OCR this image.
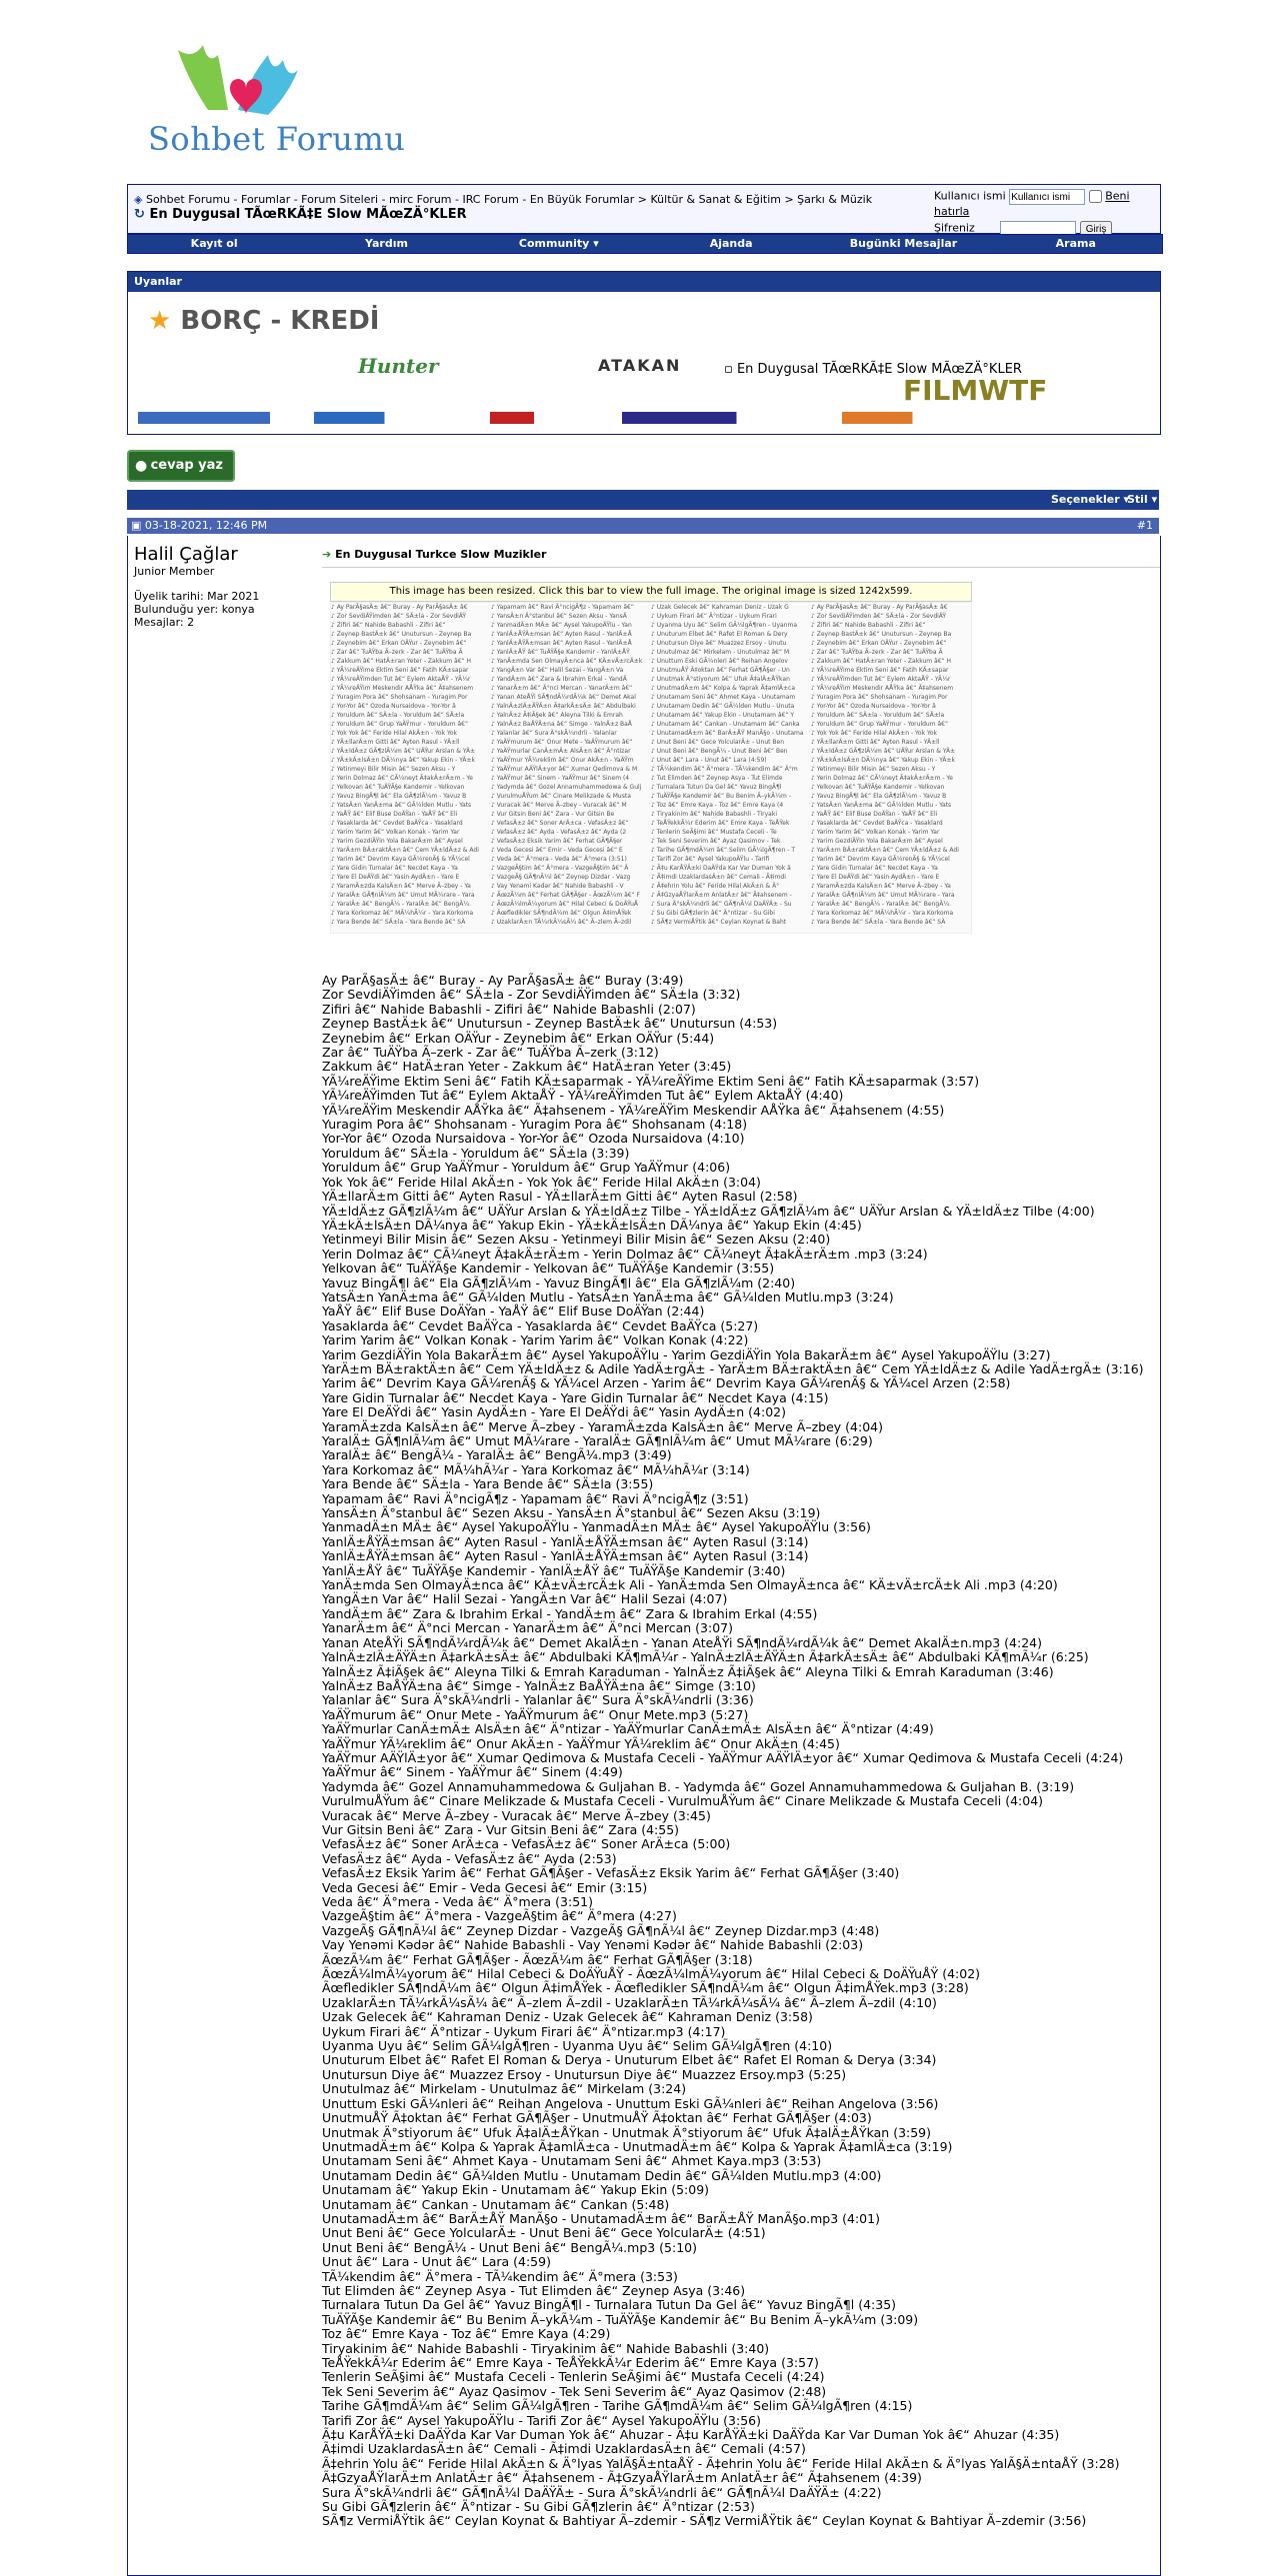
Sohbet Forumu
◈ Sohbet Forumu - Forumlar - Forum Siteleri - mirc Forum - IRC Forum - En Büyük Forumlar > Kültür & Sanat & Eğitim > Şarkı & Müzik
↻ En Duygusal TÃœRKÃ‡E Slow MÃœZÄ°KLER
Kullanıcı ismi Kullanıcı ismi	Beni hatırla
Şifreniz	Giriş
Kayıt ol	Yardım	Community ▾	Ajanda	Bugünki Mesajlar	Arama
Uyanlar
★ BORÇ - KREDİ
Hunter	ATAKAN	▫ En Duygusal TÃœRKÃ‡E Slow MÃœZÄ°KLER
FILMWTF
● cevap yaz
Seçenekler ▾
Stil ▾
▣ 03-18-2021, 12:46 PM	#1
Halil Çağlar
Junior Member
Üyelik tarihi: Mar 2021
Bulunduğu yer: konya
Mesajlar: 2
➔ En Duygusal Turkce Slow Muzikler
This image has been resized. Click this bar to view the full image. The original image is sized 1242x599.
♪ Ay ParÃ§asÄ± â€“ Buray - Ay ParÃ§asÄ± â€
♪ Zor SevdiÄŸimden â€“ SÄ±la - Zor SevdiÄŸ
♪ Zifiri â€“ Nahide Babashli - Zifiri â€“
♪ Zeynep BastÄ±k â€“ Unutursun - Zeynep Ba
♪ Zeynebim â€“ Erkan OÄŸur - Zeynebim â€“
♪ Zar â€“ TuÄŸba Ã–zerk - Zar â€“ TuÄŸba Ã
♪ Zakkum â€“ HatÄ±ran Yeter - Zakkum â€“ H
♪ YÃ¼reÄŸime Ektim Seni â€“ Fatih KÄ±sapar
♪ YÃ¼reÄŸimden Tut â€“ Eylem AktaÅŸ - YÃ¼r
♪ YÃ¼reÄŸim Meskendir AÅŸka â€“ Ã‡ahsenem
♪ Yuragim Pora â€“ Shohsanam - Yuragim Por
♪ Yor-Yor â€“ Ozoda Nursaidova - Yor-Yor â
♪ Yoruldum â€“ SÄ±la - Yoruldum â€“ SÄ±la
♪ Yoruldum â€“ Grup YaÄŸmur - Yoruldum â€“
♪ Yok Yok â€“ Feride Hilal AkÄ±n - Yok Yok
♪ YÄ±llarÄ±m Gitti â€“ Ayten Rasul - YÄ±ll
♪ YÄ±ldÄ±z GÃ¶zlÃ¼m â€“ UÄŸur Arslan & YÄ±
♪ YÄ±kÄ±lsÄ±n DÃ¼nya â€“ Yakup Ekin - YÄ±k
♪ Yetinmeyi Bilir Misin â€“ Sezen Aksu - Y
♪ Yerin Dolmaz â€“ CÃ¼neyt Ã‡akÄ±rÄ±m - Ye
♪ Yelkovan â€“ TuÄŸÃ§e Kandemir - Yelkovan
♪ Yavuz BingÃ¶l â€“ Ela GÃ¶zlÃ¼m - Yavuz B
♪ YatsÄ±n YanÄ±ma â€“ GÃ¼lden Mutlu - Yats
♪ YaÅŸ â€“ Elif Buse DoÄŸan - YaÅŸ â€“ Eli
♪ Yasaklarda â€“ Cevdet BaÄŸca - Yasaklard
♪ Yarim Yarim â€“ Volkan Konak - Yarim Yar
♪ Yarim GezdiÄŸin Yola BakarÄ±m â€“ Aysel
♪ YarÄ±m BÄ±raktÄ±n â€“ Cem YÄ±ldÄ±z & Adi
♪ Yarim â€“ Devrim Kaya GÃ¼renÃ§ & YÃ¼cel
♪ Yare Gidin Turnalar â€“ Necdet Kaya - Ya
♪ Yare El DeÄŸdi â€“ Yasin AydÄ±n - Yare E
♪ YaramÄ±zda KalsÄ±n â€“ Merve Ã–zbey - Ya
♪ YaralÄ± GÃ¶nlÃ¼m â€“ Umut MÃ¼rare - Yara
♪ YaralÄ± â€“ BengÃ¼ - YaralÄ± â€“ BengÃ¼.
♪ Yara Korkomaz â€“ MÃ¼hÃ¼r - Yara Korkoma
♪ Yara Bende â€“ SÄ±la - Yara Bende â€“ SÄ
♪ Yapamam â€“ Ravi Ä°ncigÃ¶z - Yapamam â€“
♪ YansÄ±n Ä°stanbul â€“ Sezen Aksu - YansÄ
♪ YanmadÄ±n MÄ± â€“ Aysel YakupoÄŸlu - Yan
♪ YanlÄ±ÅŸÄ±msan â€“ Ayten Rasul - YanlÄ±Å
♪ YanlÄ±ÅŸÄ±msan â€“ Ayten Rasul - YanlÄ±Å
♪ YanlÄ±ÅŸ â€“ TuÄŸÃ§e Kandemir - YanlÄ±ÅŸ
♪ YanÄ±mda Sen OlmayÄ±nca â€“ KÄ±vÄ±rcÄ±k
♪ YangÄ±n Var â€“ Halil Sezai - YangÄ±n Va
♪ YandÄ±m â€“ Zara & Ibrahim Erkal - YandÄ
♪ YanarÄ±m â€“ Ä°nci Mercan - YanarÄ±m â€“
♪ Yanan AteÅŸi SÃ¶ndÃ¼rdÃ¼k â€“ Demet Akal
♪ YalnÄ±zlÄ±ÄŸÄ±n Ã‡arkÄ±sÄ± â€“ Abdulbaki
♪ YalnÄ±z Ã‡iÃ§ek â€“ Aleyna Tilki & Emrah
♪ YalnÄ±z BaÅŸÄ±na â€“ Simge - YalnÄ±z BaÅ
♪ Yalanlar â€“ Sura Ä°skÃ¼ndrli - Yalanlar
♪ YaÄŸmurum â€“ Onur Mete - YaÄŸmurum â€“
♪ YaÄŸmurlar CanÄ±mÄ± AlsÄ±n â€“ Ä°ntizar
♪ YaÄŸmur YÃ¼reklim â€“ Onur AkÄ±n - YaÄŸm
♪ YaÄŸmur AÄŸlÄ±yor â€“ Xumar Qedimova & M
♪ YaÄŸmur â€“ Sinem - YaÄŸmur â€“ Sinem (4
♪ Yadymda â€“ Gozel Annamuhammedowa & Gulj
♪ VurulmuÅŸum â€“ Cinare Melikzade & Musta
♪ Vuracak â€“ Merve Ã–zbey - Vuracak â€“ M
♪ Vur Gitsin Beni â€“ Zara - Vur Gitsin Be
♪ VefasÄ±z â€“ Soner ArÄ±ca - VefasÄ±z â€“
♪ VefasÄ±z â€“ Ayda - VefasÄ±z â€“ Ayda (2
♪ VefasÄ±z Eksik Yarim â€“ Ferhat GÃ¶Ã§er
♪ Veda Gecesi â€“ Emir - Veda Gecesi â€“ E
♪ Veda â€“ Ä°mera - Veda â€“ Ä°mera (3:51)
♪ VazgeÃ§tim â€“ Ä°mera - VazgeÃ§tim â€“ Ä
♪ VazgeÃ§ GÃ¶nÃ¼l â€“ Zeynep Dizdar - Vazg
♪ Vay Yenəmi Kədər â€“ Nahide Babashli - V
♪ ÃœzÃ¼m â€“ Ferhat GÃ¶Ã§er - ÃœzÃ¼m â€“ F
♪ ÃœzÃ¼lmÃ¼yorum â€“ Hilal Cebeci & DoÄŸuÅ
♪ Ãœfledikler SÃ¶ndÃ¼m â€“ Olgun Ã‡imÅŸek
♪ UzaklarÄ±n TÃ¼rkÃ¼sÃ¼ â€“ Ã–zlem Ã–zdil
♪ Uzak Gelecek â€“ Kahraman Deniz - Uzak G
♪ Uykum Firari â€“ Ä°ntizar - Uykum Firari
♪ Uyanma Uyu â€“ Selim GÃ¼lgÃ¶ren - Uyanma
♪ Unuturum Elbet â€“ Rafet El Roman & Dery
♪ Unutursun Diye â€“ Muazzez Ersoy - Unutu
♪ Unutulmaz â€“ Mirkelam - Unutulmaz â€“ M
♪ Unuttum Eski GÃ¼nleri â€“ Reihan Angelov
♪ UnutmuÅŸ Ã‡oktan â€“ Ferhat GÃ¶Ã§er - Un
♪ Unutmak Ä°stiyorum â€“ Ufuk Ã‡alÄ±ÅŸkan
♪ UnutmadÄ±m â€“ Kolpa & Yaprak Ã‡amlÄ±ca
♪ Unutamam Seni â€“ Ahmet Kaya - Unutamam
♪ Unutamam Dedin â€“ GÃ¼lden Mutlu - Unuta
♪ Unutamam â€“ Yakup Ekin - Unutamam â€“ Y
♪ Unutamam â€“ Cankan - Unutamam â€“ Canka
♪ UnutamadÄ±m â€“ BarÄ±ÅŸ ManÃ§o - Unutama
♪ Unut Beni â€“ Gece YolcularÄ± - Unut Ben
♪ Unut Beni â€“ BengÃ¼ - Unut Beni â€“ Ben
♪ Unut â€“ Lara - Unut â€“ Lara (4:59)
♪ TÃ¼kendim â€“ Ä°mera - TÃ¼kendim â€“ Ä°m
♪ Tut Elimden â€“ Zeynep Asya - Tut Elimde
♪ Turnalara Tutun Da Gel â€“ Yavuz BingÃ¶l
♪ TuÄŸÃ§e Kandemir â€“ Bu Benim Ã–ykÃ¼m -
♪ Toz â€“ Emre Kaya - Toz â€“ Emre Kaya (4
♪ Tiryakinim â€“ Nahide Babashli - Tiryaki
♪ TeÅŸekkÃ¼r Ederim â€“ Emre Kaya - TeÅŸek
♪ Tenlerin SeÃ§imi â€“ Mustafa Ceceli - Te
♪ Tek Seni Severim â€“ Ayaz Qasimov - Tek
♪ Tarihe GÃ¶mdÃ¼m â€“ Selim GÃ¼lgÃ¶ren - T
♪ Tarifi Zor â€“ Aysel YakupoÄŸlu - Tarifi
♪ Ã‡u KarÅŸÄ±ki DaÄŸda Kar Var Duman Yok â
♪ Ã‡imdi UzaklardasÄ±n â€“ Cemali - Ã‡imdi
♪ Ã‡ehrin Yolu â€“ Feride Hilal AkÄ±n & Ä°
♪ Ã‡GzyaÅŸlarÄ±m AnlatÄ±r â€“ Ã‡ahsenem -
♪ Sura Ä°skÃ¼ndrli â€“ GÃ¶nÃ¼l DaÄŸÄ± - Su
♪ Su Gibi GÃ¶zlerin â€“ Ä°ntizar - Su Gibi
♪ SÃ¶z VermiÅŸtik â€“ Ceylan Koynat & Baht
♪ Ay ParÃ§asÄ± â€“ Buray - Ay ParÃ§asÄ± â€
♪ Zor SevdiÄŸimden â€“ SÄ±la - Zor SevdiÄŸ
♪ Zifiri â€“ Nahide Babashli - Zifiri â€“
♪ Zeynep BastÄ±k â€“ Unutursun - Zeynep Ba
♪ Zeynebim â€“ Erkan OÄŸur - Zeynebim â€“
♪ Zar â€“ TuÄŸba Ã–zerk - Zar â€“ TuÄŸba Ã
♪ Zakkum â€“ HatÄ±ran Yeter - Zakkum â€“ H
♪ YÃ¼reÄŸime Ektim Seni â€“ Fatih KÄ±sapar
♪ YÃ¼reÄŸimden Tut â€“ Eylem AktaÅŸ - YÃ¼r
♪ YÃ¼reÄŸim Meskendir AÅŸka â€“ Ã‡ahsenem
♪ Yuragim Pora â€“ Shohsanam - Yuragim Por
♪ Yor-Yor â€“ Ozoda Nursaidova - Yor-Yor â
♪ Yoruldum â€“ SÄ±la - Yoruldum â€“ SÄ±la
♪ Yoruldum â€“ Grup YaÄŸmur - Yoruldum â€“
♪ Yok Yok â€“ Feride Hilal AkÄ±n - Yok Yok
♪ YÄ±llarÄ±m Gitti â€“ Ayten Rasul - YÄ±ll
♪ YÄ±ldÄ±z GÃ¶zlÃ¼m â€“ UÄŸur Arslan & YÄ±
♪ YÄ±kÄ±lsÄ±n DÃ¼nya â€“ Yakup Ekin - YÄ±k
♪ Yetinmeyi Bilir Misin â€“ Sezen Aksu - Y
♪ Yerin Dolmaz â€“ CÃ¼neyt Ã‡akÄ±rÄ±m - Ye
♪ Yelkovan â€“ TuÄŸÃ§e Kandemir - Yelkovan
♪ Yavuz BingÃ¶l â€“ Ela GÃ¶zlÃ¼m - Yavuz B
♪ YatsÄ±n YanÄ±ma â€“ GÃ¼lden Mutlu - Yats
♪ YaÅŸ â€“ Elif Buse DoÄŸan - YaÅŸ â€“ Eli
♪ Yasaklarda â€“ Cevdet BaÄŸca - Yasaklard
♪ Yarim Yarim â€“ Volkan Konak - Yarim Yar
♪ Yarim GezdiÄŸin Yola BakarÄ±m â€“ Aysel
♪ YarÄ±m BÄ±raktÄ±n â€“ Cem YÄ±ldÄ±z & Adi
♪ Yarim â€“ Devrim Kaya GÃ¼renÃ§ & YÃ¼cel
♪ Yare Gidin Turnalar â€“ Necdet Kaya - Ya
♪ Yare El DeÄŸdi â€“ Yasin AydÄ±n - Yare E
♪ YaramÄ±zda KalsÄ±n â€“ Merve Ã–zbey - Ya
♪ YaralÄ± GÃ¶nlÃ¼m â€“ Umut MÃ¼rare - Yara
♪ YaralÄ± â€“ BengÃ¼ - YaralÄ± â€“ BengÃ¼.
♪ Yara Korkomaz â€“ MÃ¼hÃ¼r - Yara Korkoma
♪ Yara Bende â€“ SÄ±la - Yara Bende â€“ SÄ
Ay ParÃ§asÄ± â€“ Buray - Ay ParÃ§asÄ± â€“ Buray (3:49)
Zor SevdiÄŸimden â€“ SÄ±la - Zor SevdiÄŸimden â€“ SÄ±la (3:32)
Zifiri â€“ Nahide Babashli - Zifiri â€“ Nahide Babashli (2:07)
Zeynep BastÄ±k â€“ Unutursun - Zeynep BastÄ±k â€“ Unutursun (4:53)
Zeynebim â€“ Erkan OÄŸur - Zeynebim â€“ Erkan OÄŸur (5:44)
Zar â€“ TuÄŸba Ã–zerk - Zar â€“ TuÄŸba Ã–zerk (3:12)
Zakkum â€“ HatÄ±ran Yeter - Zakkum â€“ HatÄ±ran Yeter (3:45)
YÃ¼reÄŸime Ektim Seni â€“ Fatih KÄ±saparmak - YÃ¼reÄŸime Ektim Seni â€“ Fatih KÄ±saparmak (3:57)
YÃ¼reÄŸimden Tut â€“ Eylem AktaÅŸ - YÃ¼reÄŸimden Tut â€“ Eylem AktaÅŸ (4:40)
YÃ¼reÄŸim Meskendir AÅŸka â€“ Ã‡ahsenem - YÃ¼reÄŸim Meskendir AÅŸka â€“ Ã‡ahsenem (4:55)
Yuragim Pora â€“ Shohsanam - Yuragim Pora â€“ Shohsanam (4:18)
Yor-Yor â€“ Ozoda Nursaidova - Yor-Yor â€“ Ozoda Nursaidova (4:10)
Yoruldum â€“ SÄ±la - Yoruldum â€“ SÄ±la (3:39)
Yoruldum â€“ Grup YaÄŸmur - Yoruldum â€“ Grup YaÄŸmur (4:06)
Yok Yok â€“ Feride Hilal AkÄ±n - Yok Yok â€“ Feride Hilal AkÄ±n (3:04)
YÄ±llarÄ±m Gitti â€“ Ayten Rasul - YÄ±llarÄ±m Gitti â€“ Ayten Rasul (2:58)
YÄ±ldÄ±z GÃ¶zlÃ¼m â€“ UÄŸur Arslan & YÄ±ldÄ±z Tilbe - YÄ±ldÄ±z GÃ¶zlÃ¼m â€“ UÄŸur Arslan & YÄ±ldÄ±z Tilbe (4:00)
YÄ±kÄ±lsÄ±n DÃ¼nya â€“ Yakup Ekin - YÄ±kÄ±lsÄ±n DÃ¼nya â€“ Yakup Ekin (4:45)
Yetinmeyi Bilir Misin â€“ Sezen Aksu - Yetinmeyi Bilir Misin â€“ Sezen Aksu (2:40)
Yerin Dolmaz â€“ CÃ¼neyt Ã‡akÄ±rÄ±m - Yerin Dolmaz â€“ CÃ¼neyt Ã‡akÄ±rÄ±m .mp3 (3:24)
Yelkovan â€“ TuÄŸÃ§e Kandemir - Yelkovan â€“ TuÄŸÃ§e Kandemir (3:55)
Yavuz BingÃ¶l â€“ Ela GÃ¶zlÃ¼m - Yavuz BingÃ¶l â€“ Ela GÃ¶zlÃ¼m (2:40)
YatsÄ±n YanÄ±ma â€“ GÃ¼lden Mutlu - YatsÄ±n YanÄ±ma â€“ GÃ¼lden Mutlu.mp3 (3:24)
YaÅŸ â€“ Elif Buse DoÄŸan - YaÅŸ â€“ Elif Buse DoÄŸan (2:44)
Yasaklarda â€“ Cevdet BaÄŸca - Yasaklarda â€“ Cevdet BaÄŸca (5:27)
Yarim Yarim â€“ Volkan Konak - Yarim Yarim â€“ Volkan Konak (4:22)
Yarim GezdiÄŸin Yola BakarÄ±m â€“ Aysel YakupoÄŸlu - Yarim GezdiÄŸin Yola BakarÄ±m â€“ Aysel YakupoÄŸlu (3:27)
YarÄ±m BÄ±raktÄ±n â€“ Cem YÄ±ldÄ±z & Adile YadÄ±rgÄ± - YarÄ±m BÄ±raktÄ±n â€“ Cem YÄ±ldÄ±z & Adile YadÄ±rgÄ± (3:16)
Yarim â€“ Devrim Kaya GÃ¼renÃ§ & YÃ¼cel Arzen - Yarim â€“ Devrim Kaya GÃ¼renÃ§ & YÃ¼cel Arzen (2:58)
Yare Gidin Turnalar â€“ Necdet Kaya - Yare Gidin Turnalar â€“ Necdet Kaya (4:15)
Yare El DeÄŸdi â€“ Yasin AydÄ±n - Yare El DeÄŸdi â€“ Yasin AydÄ±n (4:02)
YaramÄ±zda KalsÄ±n â€“ Merve Ã–zbey - YaramÄ±zda KalsÄ±n â€“ Merve Ã–zbey (4:04)
YaralÄ± GÃ¶nlÃ¼m â€“ Umut MÃ¼rare - YaralÄ± GÃ¶nlÃ¼m â€“ Umut MÃ¼rare (6:29)
YaralÄ± â€“ BengÃ¼ - YaralÄ± â€“ BengÃ¼.mp3 (3:49)
Yara Korkomaz â€“ MÃ¼hÃ¼r - Yara Korkomaz â€“ MÃ¼hÃ¼r (3:14)
Yara Bende â€“ SÄ±la - Yara Bende â€“ SÄ±la (3:55)
Yapamam â€“ Ravi Ä°ncigÃ¶z - Yapamam â€“ Ravi Ä°ncigÃ¶z (3:51)
YansÄ±n Ä°stanbul â€“ Sezen Aksu - YansÄ±n Ä°stanbul â€“ Sezen Aksu (3:19)
YanmadÄ±n MÄ± â€“ Aysel YakupoÄŸlu - YanmadÄ±n MÄ± â€“ Aysel YakupoÄŸlu (3:56)
YanlÄ±ÅŸÄ±msan â€“ Ayten Rasul - YanlÄ±ÅŸÄ±msan â€“ Ayten Rasul (3:14)
YanlÄ±ÅŸÄ±msan â€“ Ayten Rasul - YanlÄ±ÅŸÄ±msan â€“ Ayten Rasul (3:14)
YanlÄ±ÅŸ â€“ TuÄŸÃ§e Kandemir - YanlÄ±ÅŸ â€“ TuÄŸÃ§e Kandemir (3:40)
YanÄ±mda Sen OlmayÄ±nca â€“ KÄ±vÄ±rcÄ±k Ali - YanÄ±mda Sen OlmayÄ±nca â€“ KÄ±vÄ±rcÄ±k Ali .mp3 (4:20)
YangÄ±n Var â€“ Halil Sezai - YangÄ±n Var â€“ Halil Sezai (4:07)
YandÄ±m â€“ Zara & Ibrahim Erkal - YandÄ±m â€“ Zara & Ibrahim Erkal (4:55)
YanarÄ±m â€“ Ä°nci Mercan - YanarÄ±m â€“ Ä°nci Mercan (3:07)
Yanan AteÅŸi SÃ¶ndÃ¼rdÃ¼k â€“ Demet AkalÄ±n - Yanan AteÅŸi SÃ¶ndÃ¼rdÃ¼k â€“ Demet AkalÄ±n.mp3 (4:24)
YalnÄ±zlÄ±ÄŸÄ±n Ã‡arkÄ±sÄ± â€“ Abdulbaki KÃ¶mÃ¼r - YalnÄ±zlÄ±ÄŸÄ±n Ã‡arkÄ±sÄ± â€“ Abdulbaki KÃ¶mÃ¼r (6:25)
YalnÄ±z Ã‡iÃ§ek â€“ Aleyna Tilki & Emrah Karaduman - YalnÄ±z Ã‡iÃ§ek â€“ Aleyna Tilki & Emrah Karaduman (3:46)
YalnÄ±z BaÅŸÄ±na â€“ Simge - YalnÄ±z BaÅŸÄ±na â€“ Simge (3:10)
Yalanlar â€“ Sura Ä°skÃ¼ndrli - Yalanlar â€“ Sura Ä°skÃ¼ndrli (3:36)
YaÄŸmurum â€“ Onur Mete - YaÄŸmurum â€“ Onur Mete.mp3 (5:27)
YaÄŸmurlar CanÄ±mÄ± AlsÄ±n â€“ Ä°ntizar - YaÄŸmurlar CanÄ±mÄ± AlsÄ±n â€“ Ä°ntizar (4:49)
YaÄŸmur YÃ¼reklim â€“ Onur AkÄ±n - YaÄŸmur YÃ¼reklim â€“ Onur AkÄ±n (4:45)
YaÄŸmur AÄŸlÄ±yor â€“ Xumar Qedimova & Mustafa Ceceli - YaÄŸmur AÄŸlÄ±yor â€“ Xumar Qedimova & Mustafa Ceceli (4:24)
YaÄŸmur â€“ Sinem - YaÄŸmur â€“ Sinem (4:49)
Yadymda â€“ Gozel Annamuhammedowa & Guljahan B. - Yadymda â€“ Gozel Annamuhammedowa & Guljahan B. (3:19)
VurulmuÅŸum â€“ Cinare Melikzade & Mustafa Ceceli - VurulmuÅŸum â€“ Cinare Melikzade & Mustafa Ceceli (4:04)
Vuracak â€“ Merve Ã–zbey - Vuracak â€“ Merve Ã–zbey (3:45)
Vur Gitsin Beni â€“ Zara - Vur Gitsin Beni â€“ Zara (4:55)
VefasÄ±z â€“ Soner ArÄ±ca - VefasÄ±z â€“ Soner ArÄ±ca (5:00)
VefasÄ±z â€“ Ayda - VefasÄ±z â€“ Ayda (2:53)
VefasÄ±z Eksik Yarim â€“ Ferhat GÃ¶Ã§er - VefasÄ±z Eksik Yarim â€“ Ferhat GÃ¶Ã§er (3:40)
Veda Gecesi â€“ Emir - Veda Gecesi â€“ Emir (3:15)
Veda â€“ Ä°mera - Veda â€“ Ä°mera (3:51)
VazgeÃ§tim â€“ Ä°mera - VazgeÃ§tim â€“ Ä°mera (4:27)
VazgeÃ§ GÃ¶nÃ¼l â€“ Zeynep Dizdar - VazgeÃ§ GÃ¶nÃ¼l â€“ Zeynep Dizdar.mp3 (4:48)
Vay Yenəmi Kədər â€“ Nahide Babashli - Vay Yenəmi Kədər â€“ Nahide Babashli (2:03)
ÃœzÃ¼m â€“ Ferhat GÃ¶Ã§er - ÃœzÃ¼m â€“ Ferhat GÃ¶Ã§er (3:18)
ÃœzÃ¼lmÃ¼yorum â€“ Hilal Cebeci & DoÄŸuÅŸ - ÃœzÃ¼lmÃ¼yorum â€“ Hilal Cebeci & DoÄŸuÅŸ (4:02)
Ãœfledikler SÃ¶ndÃ¼m â€“ Olgun Ã‡imÅŸek - Ãœfledikler SÃ¶ndÃ¼m â€“ Olgun Ã‡imÅŸek.mp3 (3:28)
UzaklarÄ±n TÃ¼rkÃ¼sÃ¼ â€“ Ã–zlem Ã–zdil - UzaklarÄ±n TÃ¼rkÃ¼sÃ¼ â€“ Ã–zlem Ã–zdil (4:10)
Uzak Gelecek â€“ Kahraman Deniz - Uzak Gelecek â€“ Kahraman Deniz (3:58)
Uykum Firari â€“ Ä°ntizar - Uykum Firari â€“ Ä°ntizar.mp3 (4:17)
Uyanma Uyu â€“ Selim GÃ¼lgÃ¶ren - Uyanma Uyu â€“ Selim GÃ¼lgÃ¶ren (4:10)
Unuturum Elbet â€“ Rafet El Roman & Derya - Unuturum Elbet â€“ Rafet El Roman & Derya (3:34)
Unutursun Diye â€“ Muazzez Ersoy - Unutursun Diye â€“ Muazzez Ersoy.mp3 (5:25)
Unutulmaz â€“ Mirkelam - Unutulmaz â€“ Mirkelam (3:24)
Unuttum Eski GÃ¼nleri â€“ Reihan Angelova - Unuttum Eski GÃ¼nleri â€“ Reihan Angelova (3:56)
UnutmuÅŸ Ã‡oktan â€“ Ferhat GÃ¶Ã§er - UnutmuÅŸ Ã‡oktan â€“ Ferhat GÃ¶Ã§er (4:03)
Unutmak Ä°stiyorum â€“ Ufuk Ã‡alÄ±ÅŸkan - Unutmak Ä°stiyorum â€“ Ufuk Ã‡alÄ±ÅŸkan (3:59)
UnutmadÄ±m â€“ Kolpa & Yaprak Ã‡amlÄ±ca - UnutmadÄ±m â€“ Kolpa & Yaprak Ã‡amlÄ±ca (3:19)
Unutamam Seni â€“ Ahmet Kaya - Unutamam Seni â€“ Ahmet Kaya.mp3 (3:53)
Unutamam Dedin â€“ GÃ¼lden Mutlu - Unutamam Dedin â€“ GÃ¼lden Mutlu.mp3 (4:00)
Unutamam â€“ Yakup Ekin - Unutamam â€“ Yakup Ekin (5:09)
Unutamam â€“ Cankan - Unutamam â€“ Cankan (5:48)
UnutamadÄ±m â€“ BarÄ±ÅŸ ManÃ§o - UnutamadÄ±m â€“ BarÄ±ÅŸ ManÃ§o.mp3 (4:01)
Unut Beni â€“ Gece YolcularÄ± - Unut Beni â€“ Gece YolcularÄ± (4:51)
Unut Beni â€“ BengÃ¼ - Unut Beni â€“ BengÃ¼.mp3 (5:10)
Unut â€“ Lara - Unut â€“ Lara (4:59)
TÃ¼kendim â€“ Ä°mera - TÃ¼kendim â€“ Ä°mera (3:53)
Tut Elimden â€“ Zeynep Asya - Tut Elimden â€“ Zeynep Asya (3:46)
Turnalara Tutun Da Gel â€“ Yavuz BingÃ¶l - Turnalara Tutun Da Gel â€“ Yavuz BingÃ¶l (4:35)
TuÄŸÃ§e Kandemir â€“ Bu Benim Ã–ykÃ¼m - TuÄŸÃ§e Kandemir â€“ Bu Benim Ã–ykÃ¼m (3:09)
Toz â€“ Emre Kaya - Toz â€“ Emre Kaya (4:29)
Tiryakinim â€“ Nahide Babashli - Tiryakinim â€“ Nahide Babashli (3:40)
TeÅŸekkÃ¼r Ederim â€“ Emre Kaya - TeÅŸekkÃ¼r Ederim â€“ Emre Kaya (3:57)
Tenlerin SeÃ§imi â€“ Mustafa Ceceli - Tenlerin SeÃ§imi â€“ Mustafa Ceceli (4:24)
Tek Seni Severim â€“ Ayaz Qasimov - Tek Seni Severim â€“ Ayaz Qasimov (2:48)
Tarihe GÃ¶mdÃ¼m â€“ Selim GÃ¼lgÃ¶ren - Tarihe GÃ¶mdÃ¼m â€“ Selim GÃ¼lgÃ¶ren (4:15)
Tarifi Zor â€“ Aysel YakupoÄŸlu - Tarifi Zor â€“ Aysel YakupoÄŸlu (3:56)
Ã‡u KarÅŸÄ±ki DaÄŸda Kar Var Duman Yok â€“ Ahuzar - Ã‡u KarÅŸÄ±ki DaÄŸda Kar Var Duman Yok â€“ Ahuzar (4:35)
Ã‡imdi UzaklardasÄ±n â€“ Cemali - Ã‡imdi UzaklardasÄ±n â€“ Cemali (4:57)
Ã‡ehrin Yolu â€“ Feride Hilal AkÄ±n & Ä°lyas YalÃ§Ä±ntaÅŸ - Ã‡ehrin Yolu â€“ Feride Hilal AkÄ±n & Ä°lyas YalÃ§Ä±ntaÅŸ (3:28)
Ã‡GzyaÅŸlarÄ±m AnlatÄ±r â€“ Ã‡ahsenem - Ã‡GzyaÅŸlarÄ±m AnlatÄ±r â€“ Ã‡ahsenem (4:39)
Sura Ä°skÃ¼ndrli â€“ GÃ¶nÃ¼l DaÄŸÄ± - Sura Ä°skÃ¼ndrli â€“ GÃ¶nÃ¼l DaÄŸÄ± (4:22)
Su Gibi GÃ¶zlerin â€“ Ä°ntizar - Su Gibi GÃ¶zlerin â€“ Ä°ntizar (2:53)
SÃ¶z VermiÅŸtik â€“ Ceylan Koynat & Bahtiyar Ã–zdemir - SÃ¶z VermiÅŸtik â€“ Ceylan Koynat & Bahtiyar Ã–zdemir (3:56)
